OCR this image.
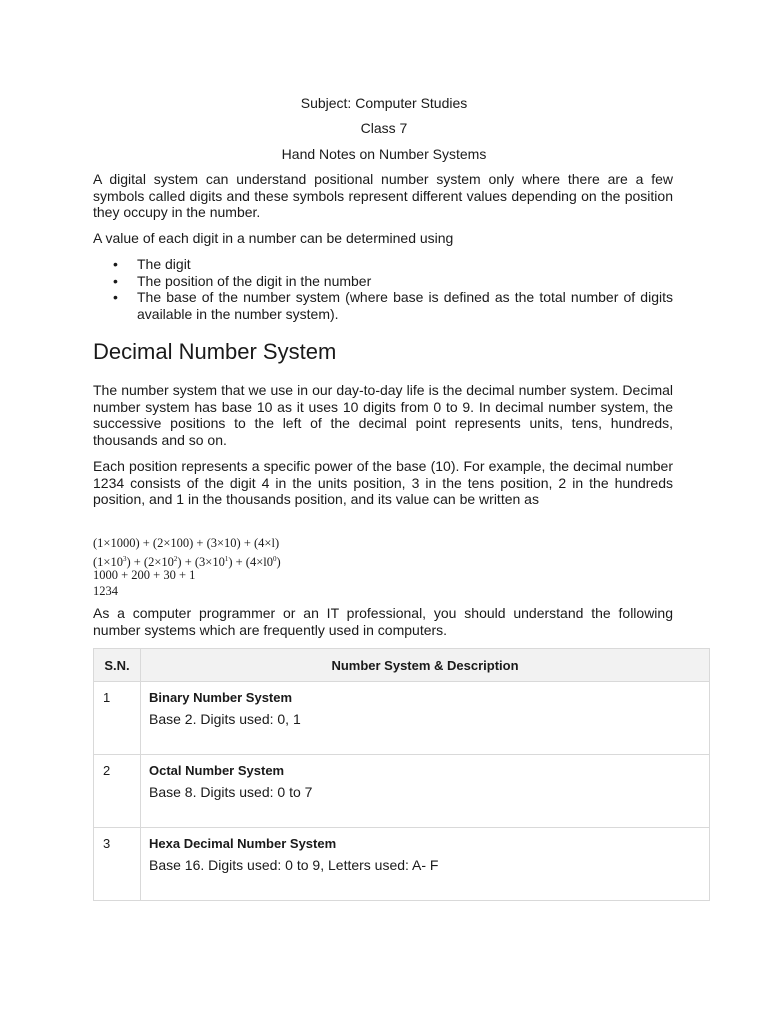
Subject: Computer Studies
Class 7
Hand Notes on Number Systems

A digital system can understand positional number system only where there are a few symbols called digits and these symbols represent different values depending on the position they occupy in the number.

A value of each digit in a number can be determined using

• The digit
• The position of the digit in the number
• The base of the number system (where base is defined as the total number of digits available in the number system).
Decimal Number System

The number system that we use in our day-to-day life is the decimal number system. Decimal number system has base 10 as it uses 10 digits from 0 to 9. In decimal number system, the successive positions to the left of the decimal point represents units, tens, hundreds, thousands and so on.

Each position represents a specific power of the base (10). For example, the decimal number 1234 consists of the digit 4 in the units position, 3 in the tens position, 2 in the hundreds position, and 1 in the thousands position, and its value can be written as

(1×1000) + (2×100) + (3×10) + (4×l)
$(1\times 10^3) + (2\times 10^2) + (3\times 10^1) + (4\times l0^0)$
1000 + 200 + 30 + 1
1234

As a computer programmer or an IT professional, you should understand the following number systems which are frequently used in computers.

S.N.	Number System & Description
1	Binary Number System
Base 2. Digits used: 0, 1

2	Octal Number System
Base 8. Digits used: 0 to 7

3	Hexa Decimal Number System
Base 16. Digits used: 0 to 9, Letters used: A- F
